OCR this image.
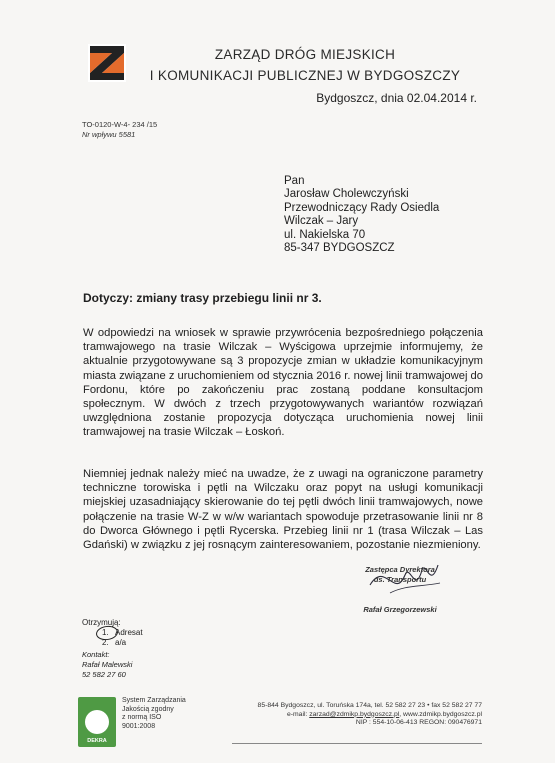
ZARZĄD DRÓG MIEJSKICH
I KOMUNIKACJI PUBLICZNEJ W BYDGOSZCZY
Bydgoszcz, dnia 02.04.2014 r.
TO-0120-W-4- 234 /15
Nr wpływu 5581
Pan
Jarosław Cholewczyński
Przewodniczący Rady Osiedla
Wilczak – Jary
ul. Nakielska 70
85-347 BYDGOSZCZ
Dotyczy: zmiany trasy przebiegu linii nr 3.
W odpowiedzi na wniosek w sprawie przywrócenia bezpośredniego połączenia tramwajowego na trasie Wilczak – Wyścigowa uprzejmie informujemy, że aktualnie przygotowywane są 3 propozycje zmian w układzie komunikacyjnym miasta związane z uruchomieniem od stycznia 2016 r. nowej linii tramwajowej do Fordonu, które po zakończeniu prac zostaną poddane konsultacjom społecznym. W dwóch z trzech przygotowywanych wariantów rozwiązań uwzględniona zostanie propozycja dotycząca uruchomienia nowej linii tramwajowej na trasie Wilczak – Łoskoń.
Niemniej jednak należy mieć na uwadze, że z uwagi na ograniczone parametry techniczne torowiska i pętli na Wilczaku oraz popyt na usługi komunikacji miejskiej uzasadniający skierowanie do tej pętli dwóch linii tramwajowych, nowe połączenie na trasie W-Z w w/w wariantach spowoduje przetrasowanie linii nr 8 do Dworca Głównego i pętli Rycerska. Przebieg linii nr 1 (trasa Wilczak – Las Gdański) w związku z jej rosnącym zainteresowaniem, pozostanie niezmieniony.
Zastępca Dyrektora
ds. Transportu
Rafał Grzegorzewski
Otrzymują:
1. Adresat
2. a/a
Kontakt:
Rafał Malewski
52 582 27 60
DEKRA
System Zarządzania
Jakością zgodny
z normą ISO
9001:2008
85-844 Bydgoszcz, ul. Toruńska 174a, tel. 52 582 27 23 • fax 52 582 27 77
e-mail: zarzad@zdmikp.bydgoszcz.pl, www.zdmikp.bydgoszcz.pl
NIP : 554-10-06-413 REGON: 090476971
